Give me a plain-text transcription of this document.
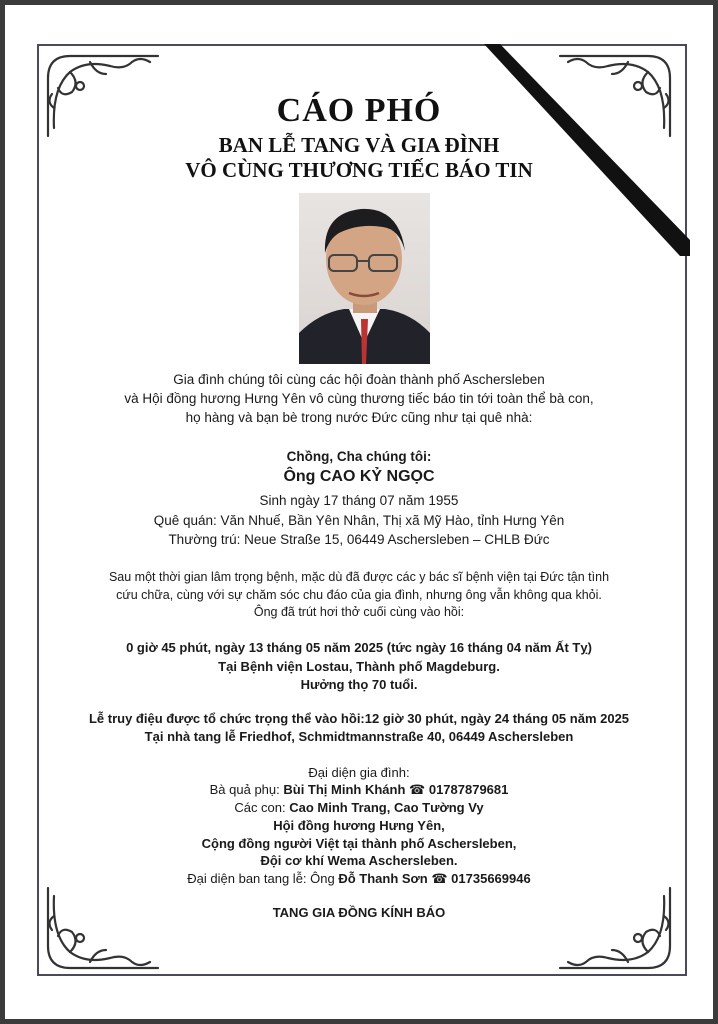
CÁO PHÓ
BAN LỄ TANG VÀ GIA ĐÌNH
VÔ CÙNG THƯƠNG TIẾC BÁO TIN
Gia đình chúng tôi cùng các hội đoàn thành phố Aschersleben
và Hội đồng hương Hưng Yên vô cùng thương tiếc báo tin tới toàn thể bà con,
họ hàng và bạn bè trong nước Đức cũng như tại quê nhà:
Chồng, Cha chúng tôi:
Ông CAO KỶ NGỌC
Sinh ngày 17 tháng 07 năm 1955
Quê quán: Văn Nhuế, Bần Yên Nhân, Thị xã Mỹ Hào, tỉnh Hưng Yên
Thường trú: Neue Straße 15, 06449 Aschersleben – CHLB Đức
Sau một thời gian lâm trọng bệnh, mặc dù đã được các y bác sĩ bệnh viện tại Đức tận tình
cứu chữa, cùng với sự chăm sóc chu đáo của gia đình, nhưng ông vẫn không qua khỏi.
Ông đã trút hơi thở cuối cùng vào hồi:
0 giờ 45 phút, ngày 13 tháng 05 năm 2025 (tức ngày 16 tháng 04 năm Ất Tỵ)
Tại Bệnh viện Lostau, Thành phố Magdeburg.
Hưởng thọ 70 tuổi.
Lễ truy điệu được tổ chức trọng thể vào hồi:12 giờ 30 phút, ngày 24 tháng 05 năm 2025
Tại nhà tang lễ Friedhof, Schmidtmannstraße 40, 06449 Aschersleben
Đại diện gia đình:
Bà quả phụ: Bùi Thị Minh Khánh ☎ 01787879681
Các con: Cao Minh Trang, Cao Tường Vy
Hội đồng hương Hưng Yên,
Cộng đồng người Việt tại thành phố Aschersleben,
Đội cơ khí Wema Aschersleben.
Đại diện ban tang lễ: Ông Đỗ Thanh Sơn ☎ 01735669946
TANG GIA ĐỒNG KÍNH BÁO
